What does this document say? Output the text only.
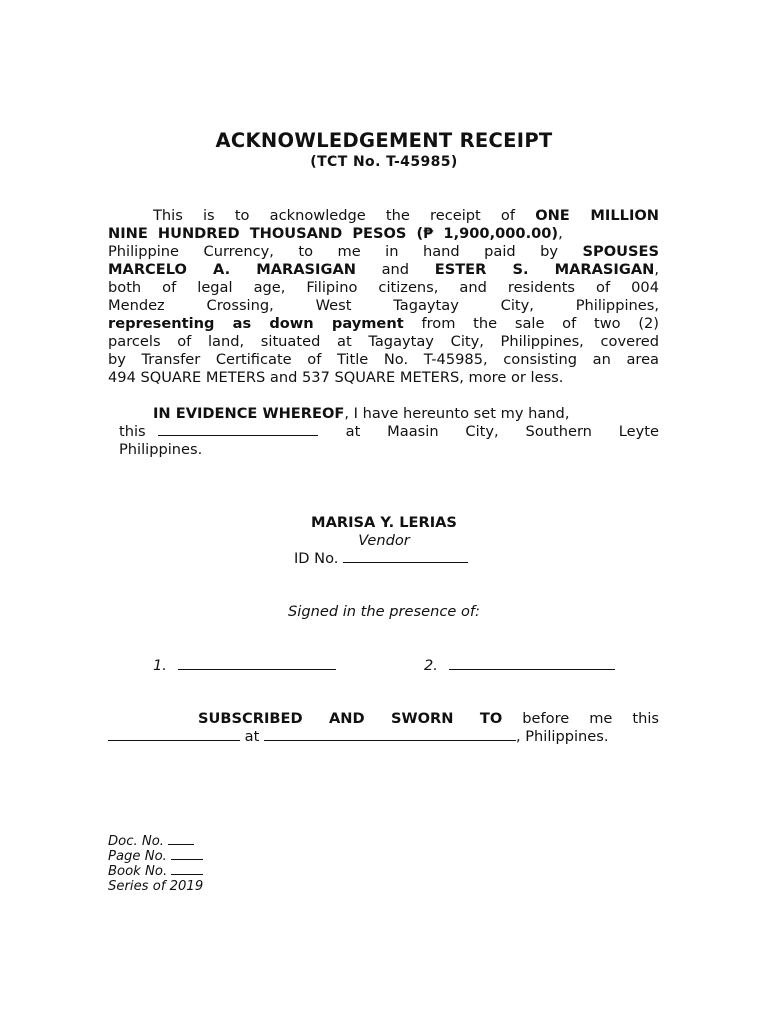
ACKNOWLEDGEMENT RECEIPT
(TCT No. T-45985)
This is to acknowledge the receipt of ONE MILLION
NINE HUNDRED THOUSAND PESOS (₱ 1,900,000.00),
Philippine Currency, to me in hand paid by SPOUSES
MARCELO A. MARASIGAN and ESTER S. MARASIGAN,
both of legal age, Filipino citizens, and residents of 004
Mendez Crossing, West Tagaytay City, Philippines,
representing as down payment from the sale of two (2)
parcels of land, situated at Tagaytay City, Philippines, covered
by Transfer Certificate of Title No. T-45985, consisting an area
494 SQUARE METERS and 537 SQUARE METERS, more or less.
IN EVIDENCE WHEREOF, I have hereunto set my hand,
this	at Maasin City, Southern Leyte
Philippines.
MARISA Y. LERIAS
Vendor
ID No.
Signed in the presence of:
1.	2.
SUBSCRIBED AND SWORN TO before me this
at	, Philippines.
Doc. No.
Page No.
Book No.
Series of 2019
